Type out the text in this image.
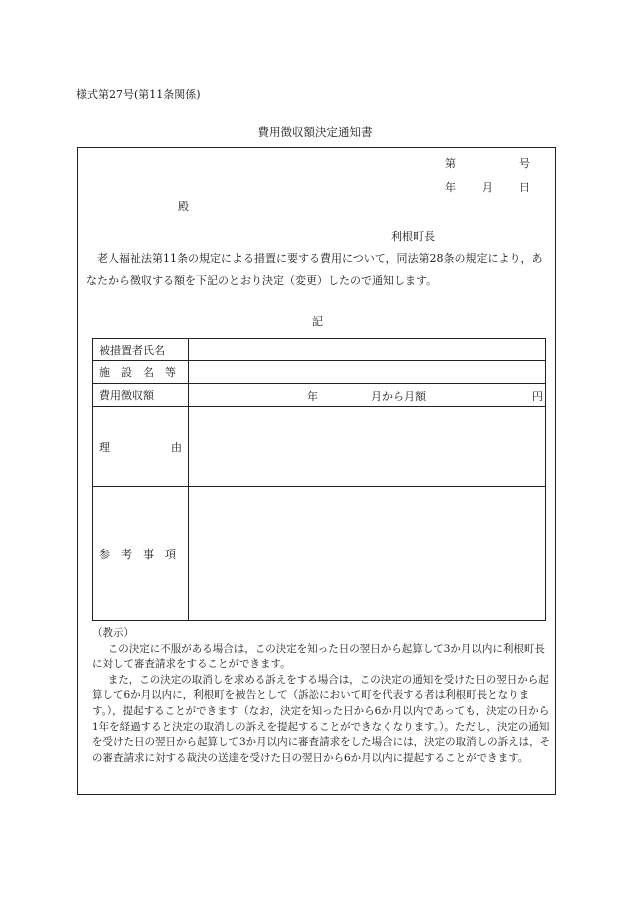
様式第27号(第11条関係)
費用徴収額決定通知書
第	号
年 月 日
殿
利根町長
老人福祉法第11条の規定による措置に要する費用について，同法第28条の規定により，あなたから徴収する額を下記のとおり決定（変更）したので通知します。
記
被措置者氏名	
施　設　名　等	
費用徴収額	年 月から月額 円

理 由	

参　考　事　項	
（教示）

この決定に不服がある場合は，この決定を知った日の翌日から起算して3か月以内に利根町長に対して審査請求をすることができます。

また，この決定の取消しを求める訴えをする場合は，この決定の通知を受けた日の翌日から起算して6か月以内に，利根町を被告として（訴訟において町を代表する者は利根町長となります。），提起することができます（なお，決定を知った日から6か月以内であっても，決定の日から1年を経過すると決定の取消しの訴えを提起することができなくなります。）。ただし，決定の通知を受けた日の翌日から起算して3か月以内に審査請求をした場合には，決定の取消しの訴えは，その審査請求に対する裁決の送達を受けた日の翌日から6か月以内に提起することができます。
